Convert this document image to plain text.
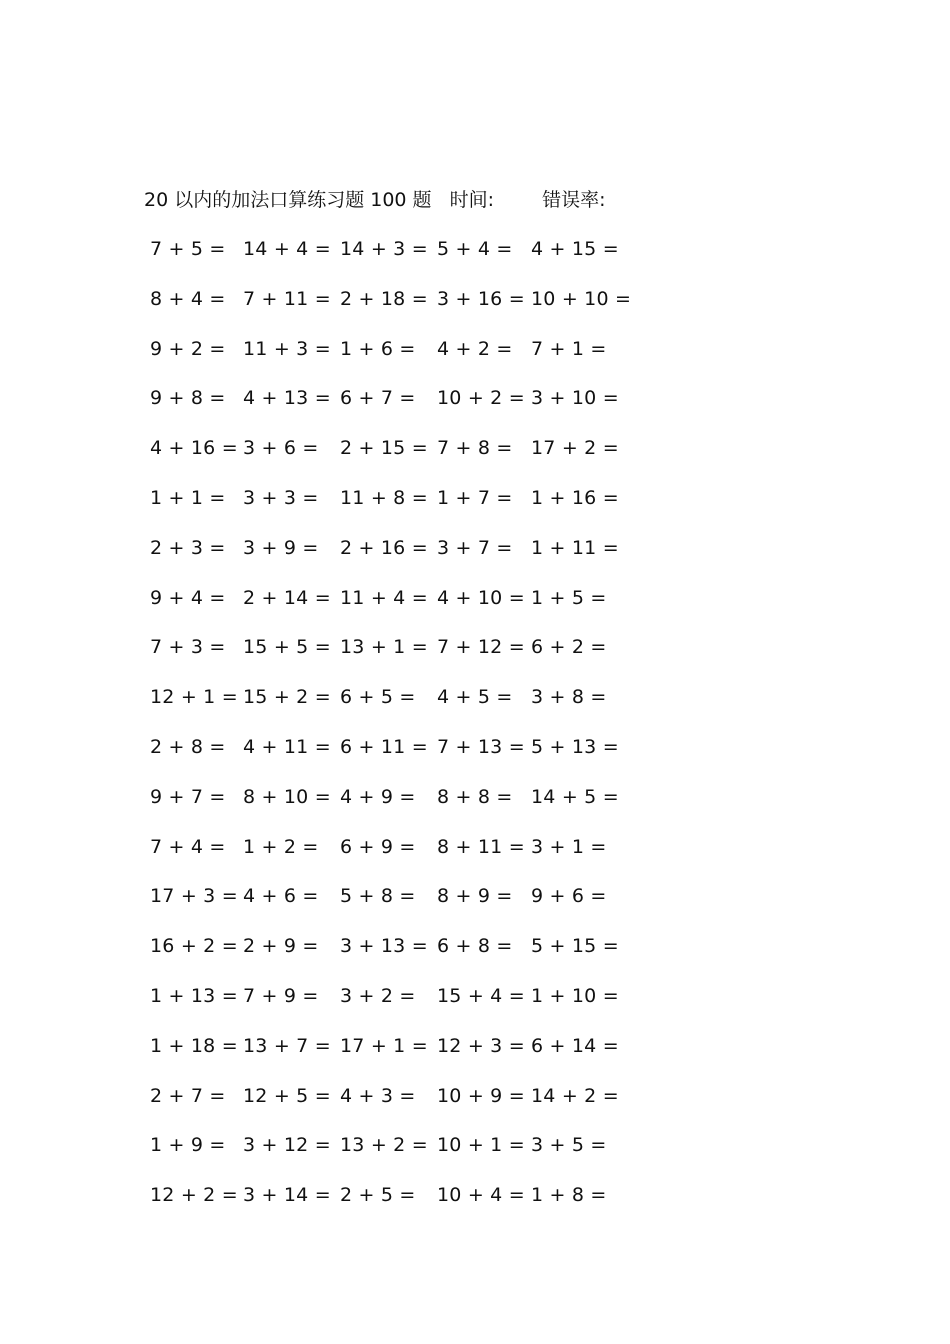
20 以内的加法口算练习题 100 题 时间:	错误率:
7 + 5 = 14 + 4 = 14 + 3 = 5 + 4 = 4 + 15 =
8 + 4 = 7 + 11 = 2 + 18 = 3 + 16 = 10 + 10 =
9 + 2 = 11 + 3 = 1 + 6 =	4 + 2 = 7 + 1 =
9 + 8 = 4 + 13 = 6 + 7 =	10 + 2 = 3 + 10 =
4 + 16 = 3 + 6 =	2 + 15 = 7 + 8 = 17 + 2 =
1 + 1 = 3 + 3 =	11 + 8 = 1 + 7 = 1 + 16 =
2 + 3 = 3 + 9 =	2 + 16 = 3 + 7 = 1 + 11 =
9 + 4 = 2 + 14 = 11 + 4 = 4 + 10 = 1 + 5 =
7 + 3 = 15 + 5 = 13 + 1 = 7 + 12 = 6 + 2 =
12 + 1 = 15 + 2 = 6 + 5 =	4 + 5 = 3 + 8 =
2 + 8 = 4 + 11 = 6 + 11 = 7 + 13 = 5 + 13 =
9 + 7 = 8 + 10 = 4 + 9 =	8 + 8 = 14 + 5 =
7 + 4 = 1 + 2 =	6 + 9 =	8 + 11 = 3 + 1 =
17 + 3 = 4 + 6 =	5 + 8 =	8 + 9 = 9 + 6 =
16 + 2 = 2 + 9 =	3 + 13 = 6 + 8 = 5 + 15 =
1 + 13 = 7 + 9 =	3 + 2 =	15 + 4 = 1 + 10 =
1 + 18 = 13 + 7 = 17 + 1 = 12 + 3 = 6 + 14 =
2 + 7 = 12 + 5 = 4 + 3 =	10 + 9 = 14 + 2 =
1 + 9 = 3 + 12 = 13 + 2 = 10 + 1 = 3 + 5 =
12 + 2 = 3 + 14 = 2 + 5 =	10 + 4 = 1 + 8 =
